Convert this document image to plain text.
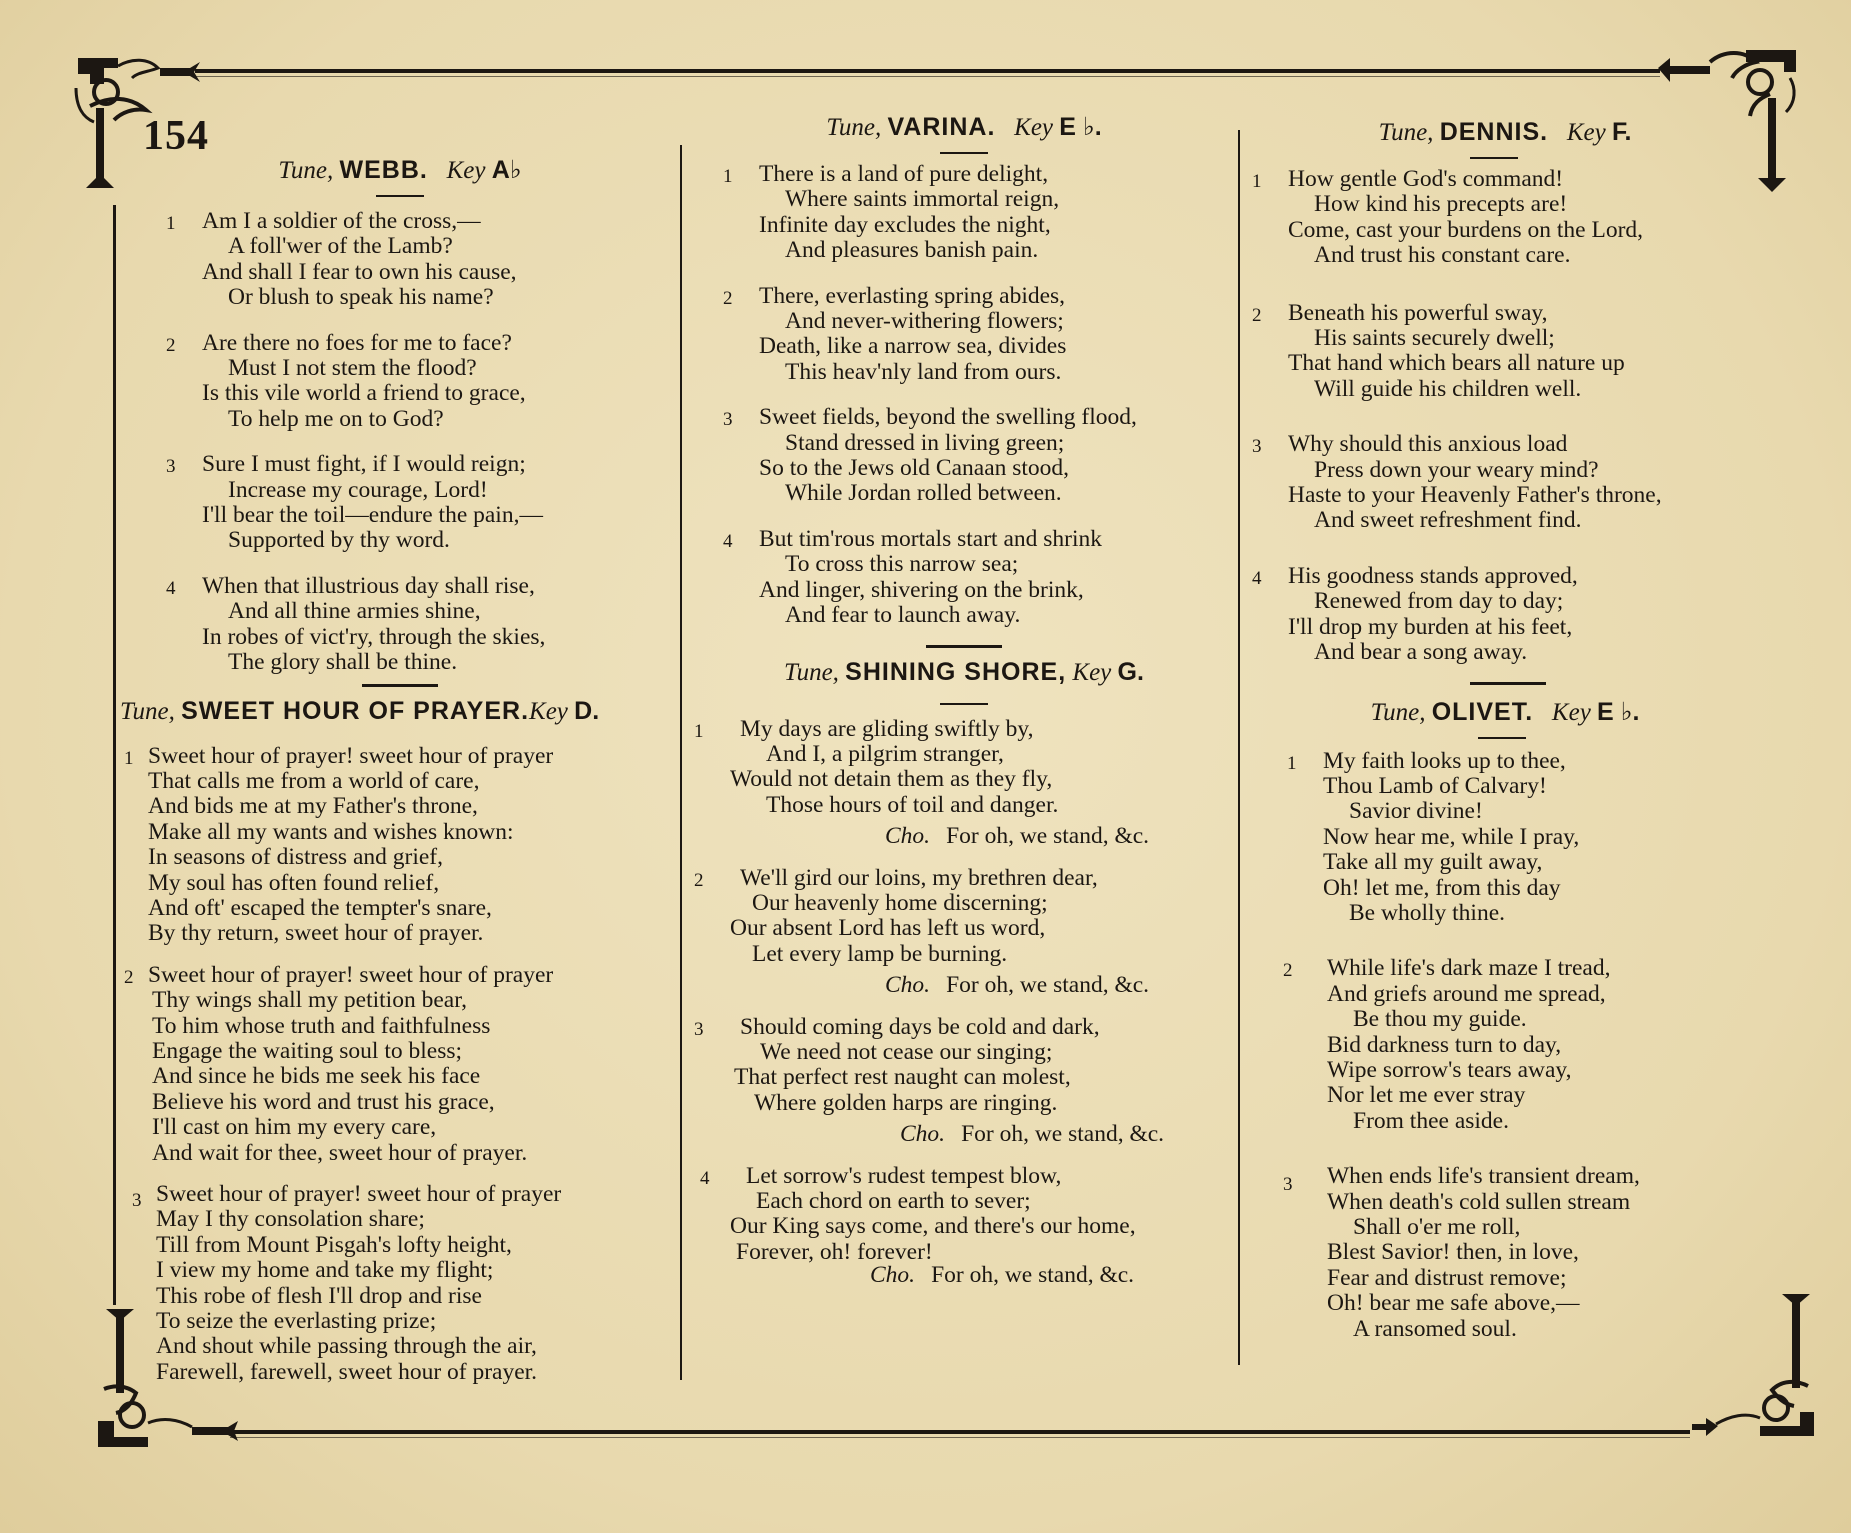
154
Tune, WEBB. Key A♭
1 Am I a soldier of the cross,—
A foll'wer of the Lamb?
And shall I fear to own his cause,
Or blush to speak his name?
2 Are there no foes for me to face?
Must I not stem the flood?
Is this vile world a friend to grace,
To help me on to God?
3 Sure I must fight, if I would reign;
Increase my courage, Lord!
I'll bear the toil—endure the pain,—
Supported by thy word.
4 When that illustrious day shall rise,
And all thine armies shine,
In robes of vict'ry, through the skies,
The glory shall be thine.
Tune, SWEET HOUR OF PRAYER.Key D.
1 Sweet hour of prayer! sweet hour of prayer
That calls me from a world of care,
And bids me at my Father's throne,
Make all my wants and wishes known:
In seasons of distress and grief,
My soul has often found relief,
And oft' escaped the tempter's snare,
By thy return, sweet hour of prayer.
2 Sweet hour of prayer! sweet hour of prayer
Thy wings shall my petition bear,
To him whose truth and faithfulness
Engage the waiting soul to bless;
And since he bids me seek his face
Believe his word and trust his grace,
I'll cast on him my every care,
And wait for thee, sweet hour of prayer.
3 Sweet hour of prayer! sweet hour of prayer
May I thy consolation share;
Till from Mount Pisgah's lofty height,
I view my home and take my flight;
This robe of flesh I'll drop and rise
To seize the everlasting prize;
And shout while passing through the air,
Farewell, farewell, sweet hour of prayer.
Tune, VARINA. Key E ♭.
1 There is a land of pure delight,
Where saints immortal reign,
Infinite day excludes the night,
And pleasures banish pain.
2 There, everlasting spring abides,
And never-withering flowers;
Death, like a narrow sea, divides
This heav'nly land from ours.
3 Sweet fields, beyond the swelling flood,
Stand dressed in living green;
So to the Jews old Canaan stood,
While Jordan rolled between.
4 But tim'rous mortals start and shrink
To cross this narrow sea;
And linger, shivering on the brink,
And fear to launch away.
Tune, SHINING SHORE, Key G.
1 My days are gliding swiftly by,
And I, a pilgrim stranger,
Would not detain them as they fly,
Those hours of toil and danger.
Cho. For oh, we stand, &c.
2 We'll gird our loins, my brethren dear,
Our heavenly home discerning;
Our absent Lord has left us word,
Let every lamp be burning.
Cho. For oh, we stand, &c.
3 Should coming days be cold and dark,
We need not cease our singing;
That perfect rest naught can molest,
Where golden harps are ringing.
Cho. For oh, we stand, &c.
4 Let sorrow's rudest tempest blow,
Each chord on earth to sever;
Our King says come, and there's our home,
Forever, oh! forever!
Cho. For oh, we stand, &c.
Tune, DENNIS. Key F.
1 How gentle God's command!
How kind his precepts are!
Come, cast your burdens on the Lord,
And trust his constant care.
2 Beneath his powerful sway,
His saints securely dwell;
That hand which bears all nature up
Will guide his children well.
3 Why should this anxious load
Press down your weary mind?
Haste to your Heavenly Father's throne,
And sweet refreshment find.
4 His goodness stands approved,
Renewed from day to day;
I'll drop my burden at his feet,
And bear a song away.
Tune, OLIVET. Key E ♭.
1 My faith looks up to thee,
Thou Lamb of Calvary!
Savior divine!
Now hear me, while I pray,
Take all my guilt away,
Oh! let me, from this day
Be wholly thine.
2 While life's dark maze I tread,
And griefs around me spread,
Be thou my guide.
Bid darkness turn to day,
Wipe sorrow's tears away,
Nor let me ever stray
From thee aside.
3 When ends life's transient dream,
When death's cold sullen stream
Shall o'er me roll,
Blest Savior! then, in love,
Fear and distrust remove;
Oh! bear me safe above,—
A ransomed soul.
